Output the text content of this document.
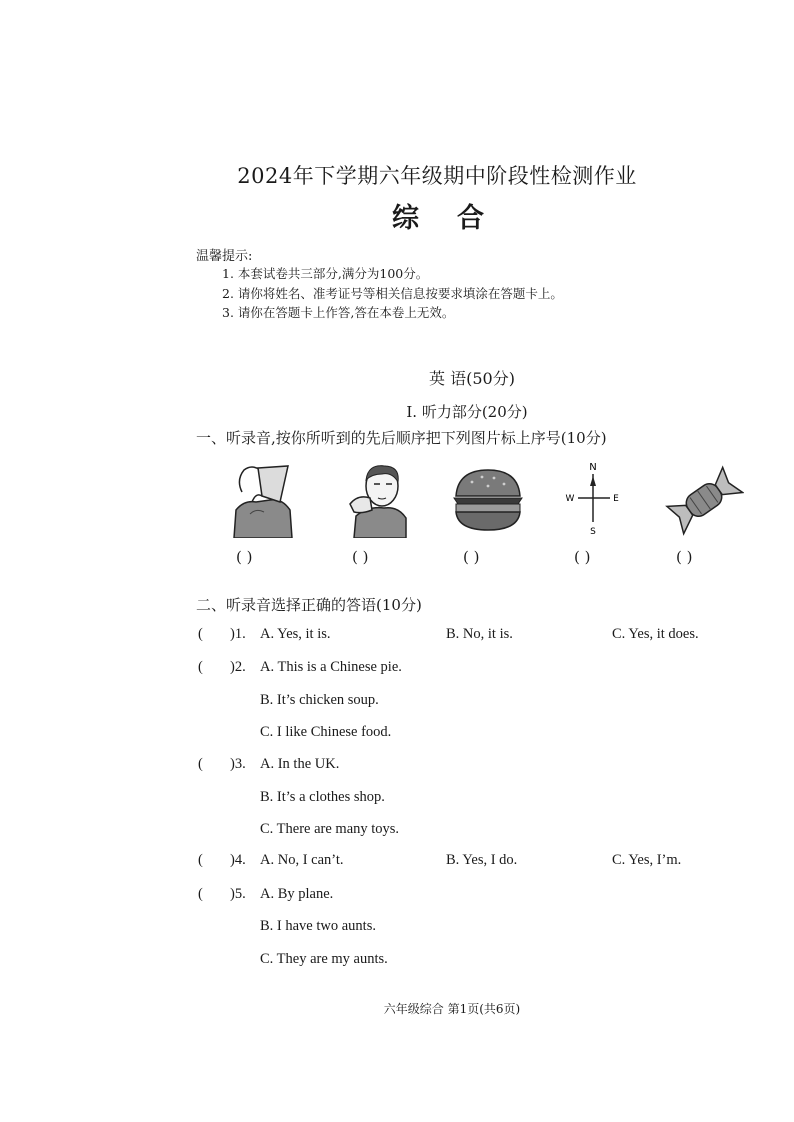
2024年下学期六年级期中阶段性检测作业
综合
温馨提示:
1. 本套试卷共三部分,满分为100分。
2. 请你将姓名、准考证号等相关信息按要求填涂在答题卡上。
3. 请你在答题卡上作答,答在本卷上无效。
英 语(50分)
Ⅰ. 听力部分(20分)
一、听录音,按你所听到的先后顺序把下列图片标上序号(10分)
N
S
W	E
( )	( )	( )	( )	( )
二、听录音选择正确的答语(10分)
( )1. A. Yes, it is.	B. No, it is.	C. Yes, it does.
( )2. A. This is a Chinese pie.
B. It’s chicken soup.
C. I like Chinese food.
( )3. A. In the UK.
B. It’s a clothes shop.
C. There are many toys.
( )4. A. No, I can’t.	B. Yes, I do.	C. Yes, I’m.
( )5. A. By plane.
B. I have two aunts.
C. They are my aunts.
六年级综合 第1页(共6页)
